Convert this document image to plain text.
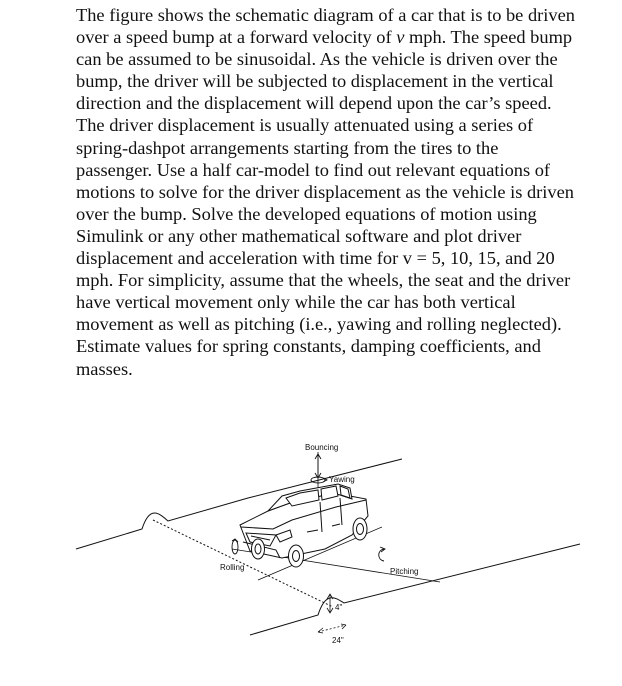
The figure shows the schematic diagram of a car that is to be driven over a speed bump at a forward velocity of v mph. The speed bump can be assumed to be sinusoidal. As the vehicle is driven over the bump, the driver will be subjected to displacement in the vertical direction and the displacement will depend upon the car’s speed. The driver displacement is usually attenuated using a series of spring-dashpot arrangements starting from the tires to the passenger. Use a half car-model to find out relevant equations of motions to solve for the driver displacement as the vehicle is driven over the bump. Solve the developed equations of motion using Simulink or any other mathematical software and plot driver displacement and acceleration with time for v = 5, 10, 15, and 20 mph. For simplicity, assume that the wheels, the seat and the driver have vertical movement only while the car has both vertical movement as well as pitching (i.e., yawing and rolling neglected).

Estimate values for spring constants, damping coefficients, and masses.

Bouncing
Yawing
Rolling	Pitching
4"
24"
